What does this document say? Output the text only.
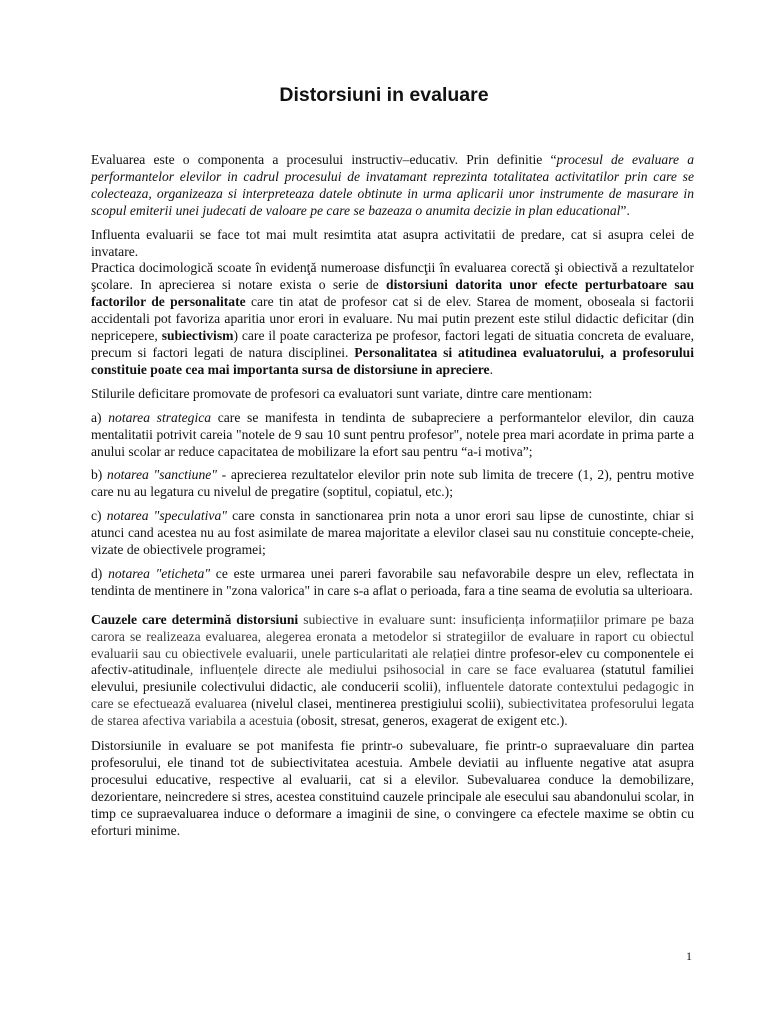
Distorsiuni in evaluare

Evaluarea este o componenta a procesului instructiv–educativ. Prin definitie “procesul de evaluare a performantelor elevilor in cadrul procesului de invatamant reprezinta totalitatea activitatilor prin care se colecteaza, organizeaza si interpreteaza datele obtinute in urma aplicarii unor instrumente de masurare in scopul emiterii unei judecati de valoare pe care se bazeaza o anumita decizie in plan educational”.

Influenta evaluarii se face tot mai mult resimtita atat asupra activitatii de predare, cat si asupra celei de invatare.

Practica docimologică scoate în evidenţă numeroase disfuncţii în evaluarea corectă şi obiectivă a rezultatelor şcolare. In aprecierea si notare exista o serie de distorsiuni datorita unor efecte perturbatoare sau factorilor de personalitate care tin atat de profesor cat si de elev. Starea de moment, oboseala si factorii accidentali pot favoriza aparitia unor erori in evaluare. Nu mai putin prezent este stilul didactic deficitar (din nepricepere, subiectivism) care il poate caracteriza pe profesor, factori legati de situatia concreta de evaluare, precum si factori legati de natura disciplinei. Personalitatea si atitudinea evaluatorului, a profesorului constituie poate cea mai importanta sursa de distorsiune in apreciere.

Stilurile deficitare promovate de profesori ca evaluatori sunt variate, dintre care mentionam:

a) notarea strategica care se manifesta in tendinta de subapreciere a performantelor elevilor, din cauza mentalitatii potrivit careia "notele de 9 sau 10 sunt pentru profesor", notele prea mari acordate in prima parte a anului scolar ar reduce capacitatea de mobilizare la efort sau pentru “a-i motiva”;

b) notarea "sanctiune" - aprecierea rezultatelor elevilor prin note sub limita de trecere (1, 2), pentru motive care nu au legatura cu nivelul de pregatire (soptitul, copiatul, etc.);

c) notarea "speculativa" care consta in sanctionarea prin nota a unor erori sau lipse de cunostinte, chiar si atunci cand acestea nu au fost asimilate de marea majoritate a elevilor clasei sau nu constituie concepte-cheie, vizate de obiectivele programei;

d) notarea "eticheta" ce este urmarea unei pareri favorabile sau nefavorabile despre un elev, reflectata in tendinta de mentinere in "zona valorica" in care s-a aflat o perioada, fara a tine seama de evolutia sa ulterioara.

Cauzele care determină distorsiuni subiective in evaluare sunt: insuficiența informațiilor primare pe baza carora se realizeaza evaluarea, alegerea eronata a metodelor si strategiilor de evaluare in raport cu obiectul evaluarii sau cu obiectivele evaluarii, unele particularitati ale relației dintre profesor-elev cu componentele ei afectiv-atitudinale, influențele directe ale mediului psihosocial in care se face evaluarea (statutul familiei elevului, presiunile colectivului didactic, ale conducerii scolii), influentele datorate contextului pedagogic in care se efectuează evaluarea (nivelul clasei, mentinerea prestigiului scolii), subiectivitatea profesorului legata de starea afectiva variabila a acestuia (obosit, stresat, generos, exagerat de exigent etc.).

Distorsiunile in evaluare se pot manifesta fie printr-o subevaluare, fie printr-o supraevaluare din partea profesorului, ele tinand tot de subiectivitatea acestuia. Ambele deviatii au influente negative atat asupra procesului educative, respective al evaluarii, cat si a elevilor. Subevaluarea conduce la demobilizare, dezorientare, neincredere si stres, acestea constituind cauzele principale ale esecului sau abandonului scolar, in timp ce supraevaluarea induce o deformare a imaginii de sine, o convingere ca efectele maxime se obtin cu eforturi minime.

1
